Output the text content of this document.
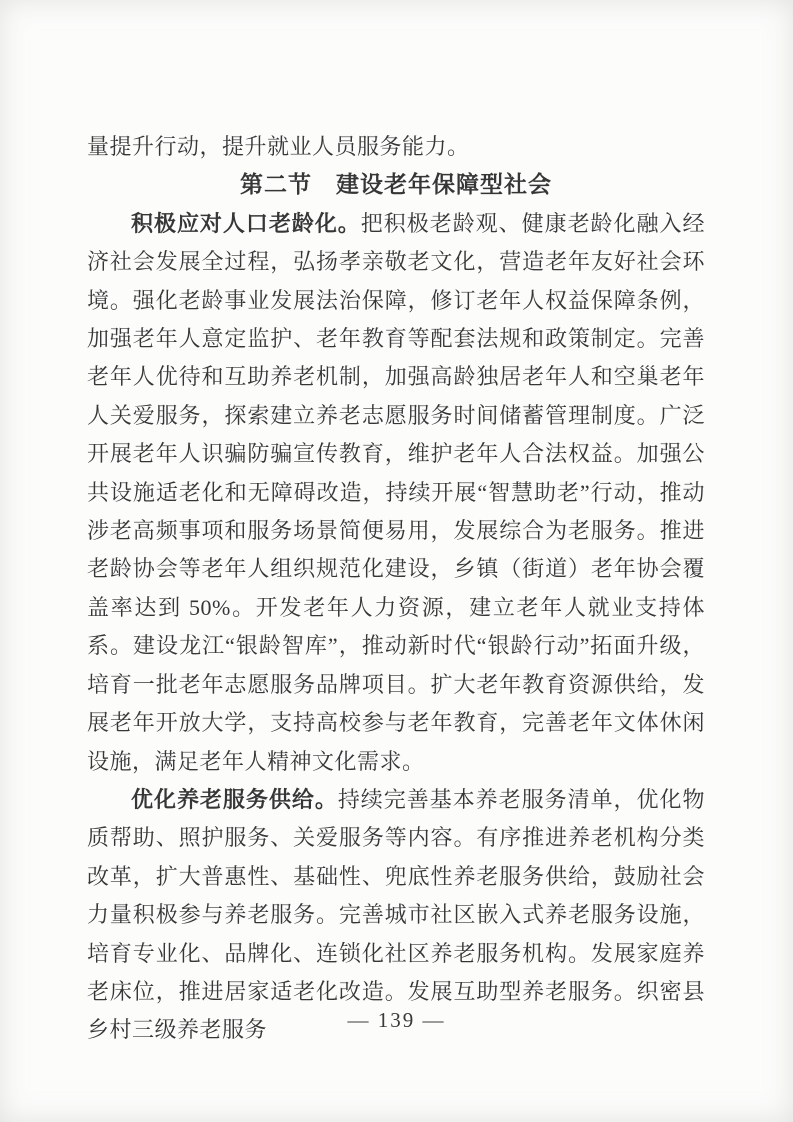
量提升行动，提升就业人员服务能力。

第二节　建设老年保障型社会

积极应对人口老龄化。把积极老龄观、健康老龄化融入经济社会发展全过程，弘扬孝亲敬老文化，营造老年友好社会环境。强化老龄事业发展法治保障，修订老年人权益保障条例，加强老年人意定监护、老年教育等配套法规和政策制定。完善老年人优待和互助养老机制，加强高龄独居老年人和空巢老年人关爱服务，探索建立养老志愿服务时间储蓄管理制度。广泛开展老年人识骗防骗宣传教育，维护老年人合法权益。加强公共设施适老化和无障碍改造，持续开展“智慧助老”行动，推动涉老高频事项和服务场景简便易用，发展综合为老服务。推进老龄协会等老年人组织规范化建设，乡镇（街道）老年协会覆盖率达到 50%。开发老年人力资源，建立老年人就业支持体系。建设龙江“银龄智库”，推动新时代“银龄行动”拓面升级，培育一批老年志愿服务品牌项目。扩大老年教育资源供给，发展老年开放大学，支持高校参与老年教育，完善老年文体休闲设施，满足老年人精神文化需求。

优化养老服务供给。持续完善基本养老服务清单，优化物质帮助、照护服务、关爱服务等内容。有序推进养老机构分类改革，扩大普惠性、基础性、兜底性养老服务供给，鼓励社会力量积极参与养老服务。完善城市社区嵌入式养老服务设施，培育专业化、品牌化、连锁化社区养老服务机构。发展家庭养老床位，推进居家适老化改造。发展互助型养老服务。织密县乡村三级养老服务	— 139 —
